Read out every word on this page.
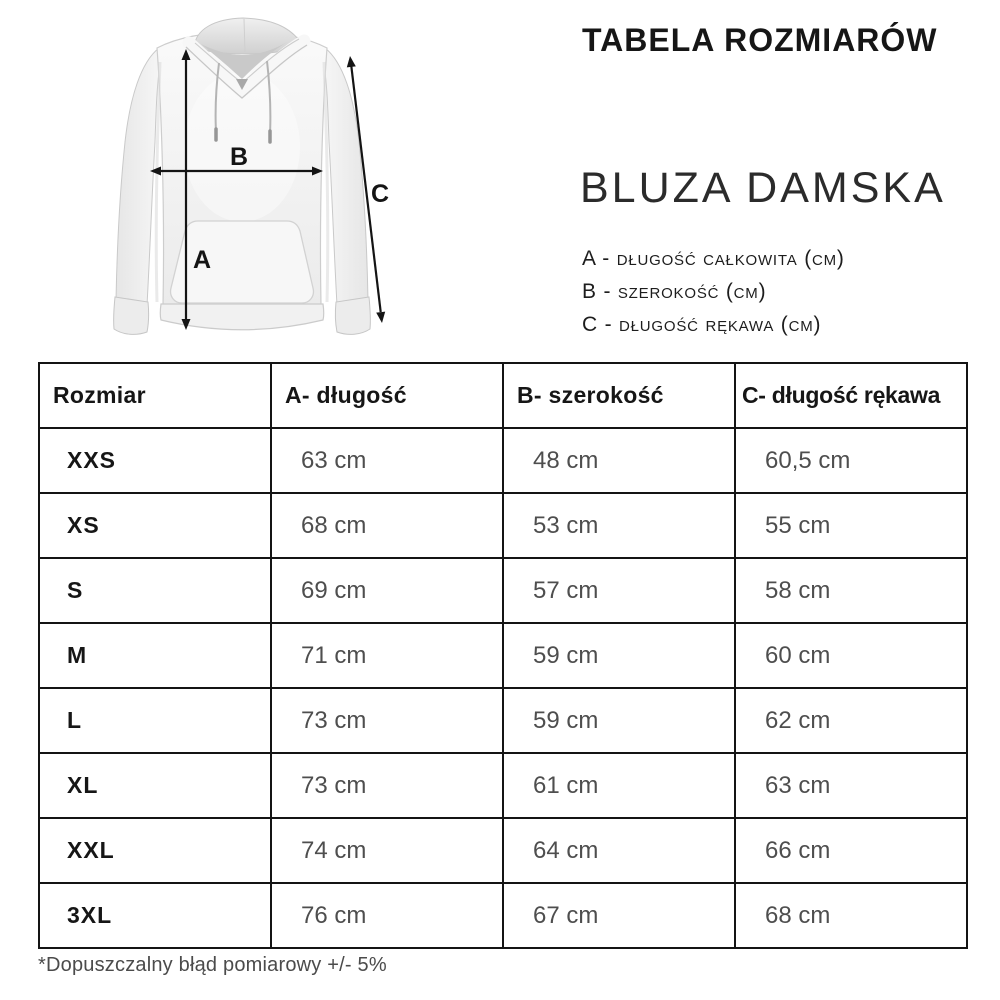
A
B
C
TABELA ROZMIARÓW
BLUZA DAMSKA
A - długość całkowita (cm)
B - szerokość (cm)
C - długość rękawa (cm)
Rozmiar	A- długość	B- szerokość	C- długość rękawa
XXS	63 cm	48 cm	60,5 cm
XS	68 cm	53 cm	55 cm
S	69 cm	57 cm	58 cm
M	71 cm	59 cm	60 cm
L	73 cm	59 cm	62 cm
XL	73 cm	61 cm	63 cm
XXL	74 cm	64 cm	66 cm
3XL	76 cm	67 cm	68 cm

*Dopuszczalny błąd pomiarowy +/- 5%
